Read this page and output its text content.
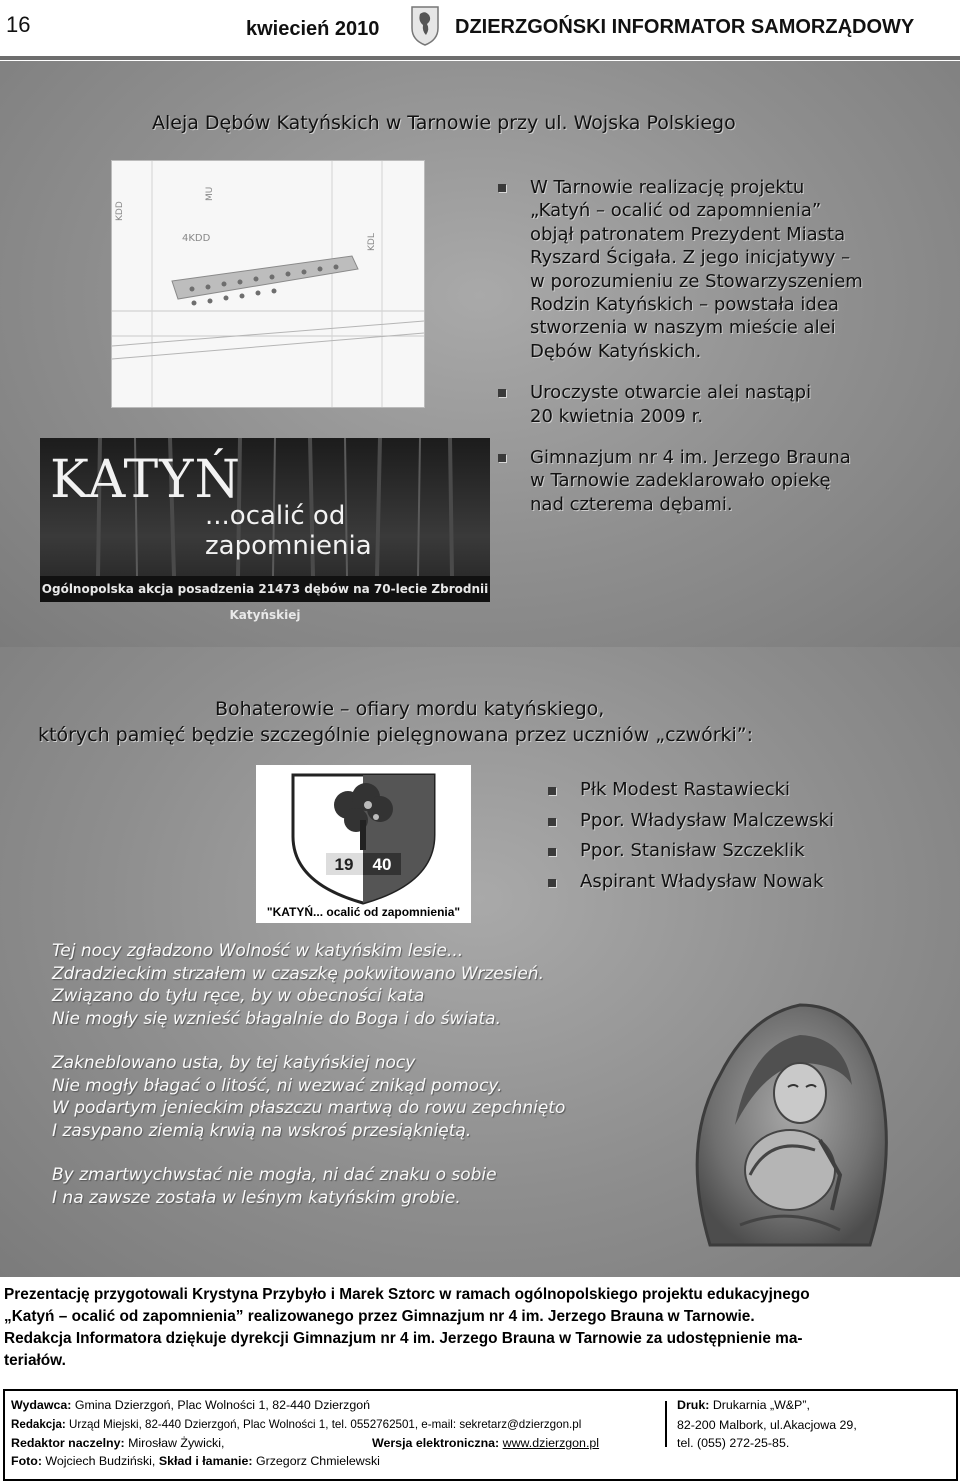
16	kwiecień 2010	DZIERZGOŃSKI INFORMATOR SAMORZĄDOWY
Aleja Dębów Katyńskich w Tarnowie przy ul. Wojska Polskiego
4KDD
KDD
KDL
MU	W Tarnowie realizację projektu
„Katyń – ocalić od zapomnienia”
objął patronatem Prezydent Miasta
Ryszard Ścigała. Z jego inicjatywy –
w porozumieniu ze Stowarzyszeniem
Rodzin Katyńskich – powstała idea
stworzenia w naszym mieście alei
Dębów Katyńskich.
Uroczyste otwarcie alei nastąpi
20 kwietnia 2009 r.
Gimnazjum nr 4 im. Jerzego Brauna
w Tarnowie zadeklarowało opiekę
nad czterema dębami.
KATYŃ
...ocalić od zapomnienia
Ogólnopolska akcja posadzenia 21473 dębów na 70-lecie Zbrodnii Katyńskiej
Bohaterowie – ofiary mordu katyńskiego,
których pamięć będzie szczególnie pielęgnowana przez uczniów „czwórki”:
19 40
"KATYŃ... ocalić od zapomnienia"
Płk Modest Rastawiecki
Ppor. Władysław Malczewski
Ppor. Stanisław Szczeklik
Aspirant Władysław Nowak
Tej nocy zgładzono Wolność w katyńskim lesie...
Zdradzieckim strzałem w czaszkę pokwitowano Wrzesień.
Związano do tyłu ręce, by w obecności kata
Nie mogły się wznieść błagalnie do Boga i do świata.
Zakneblowano usta, by tej katyńskiej nocy
Nie mogły błagać o litość, ni wezwać znikąd pomocy.
W podartym jenieckim płaszczu martwą do rowu zepchnięto
I zasypano ziemią krwią na wskroś przesiąkniętą.
By zmartwychwstać nie mogła, ni dać znaku o sobie
I na zawsze została w leśnym katyńskim grobie.
Prezentację przygotowali Krystyna Przybyło i Marek Sztorc w ramach ogólnopolskiego projektu edukacyjnego
„Katyń – ocalić od zapomnienia” realizowanego przez Gimnazjum nr 4 im. Jerzego Brauna w Tarnowie.
Redakcja Informatora dziękuje dyrekcji Gimnazjum nr 4 im. Jerzego Brauna w Tarnowie za udostępnienie ma-
teriałów.
Wydawca: Gmina Dzierzgoń, Plac Wolności 1, 82-440 Dzierzgoń
Redakcja: Urząd Miejski, 82-440 Dzierzgoń, Plac Wolności 1, tel. 0552762501, e-mail: sekretarz@dzierzgon.pl
Redaktor naczelny: Mirosław Żywicki,	Wersja elektroniczna: www.dzierzgon.pl
Foto: Wojciech Budziński, Skład i łamanie: Grzegorz Chmielewski
Druk: Drukarnia „W&P”,
82-200 Malbork, ul.Akacjowa 29,
tel. (055) 272-25-85.
